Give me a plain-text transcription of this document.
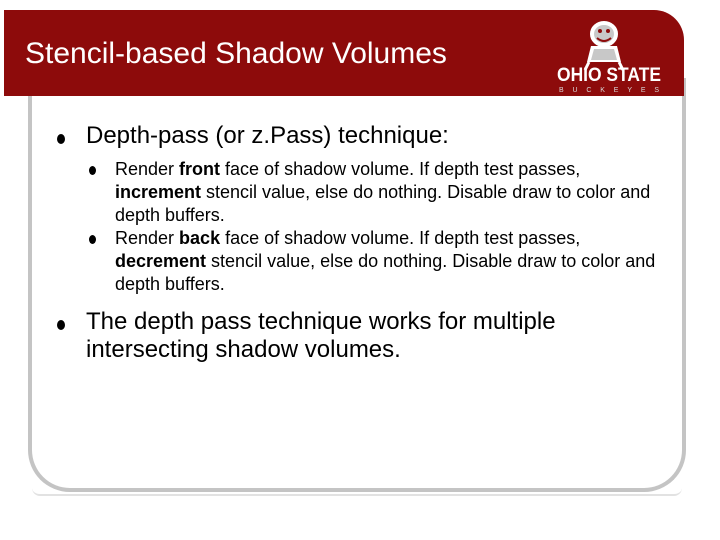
Stencil-based Shadow Volumes
OHIO STATE
BUCKEYES
Depth-pass (or z.Pass) technique:
Render front face of shadow volume. If depth test passes, increment stencil value, else do nothing. Disable draw to color and depth buffers.
Render back face of shadow volume. If depth test passes, decrement stencil value, else do nothing. Disable draw to color and depth buffers.
The depth pass technique works for multiple intersecting shadow volumes.
